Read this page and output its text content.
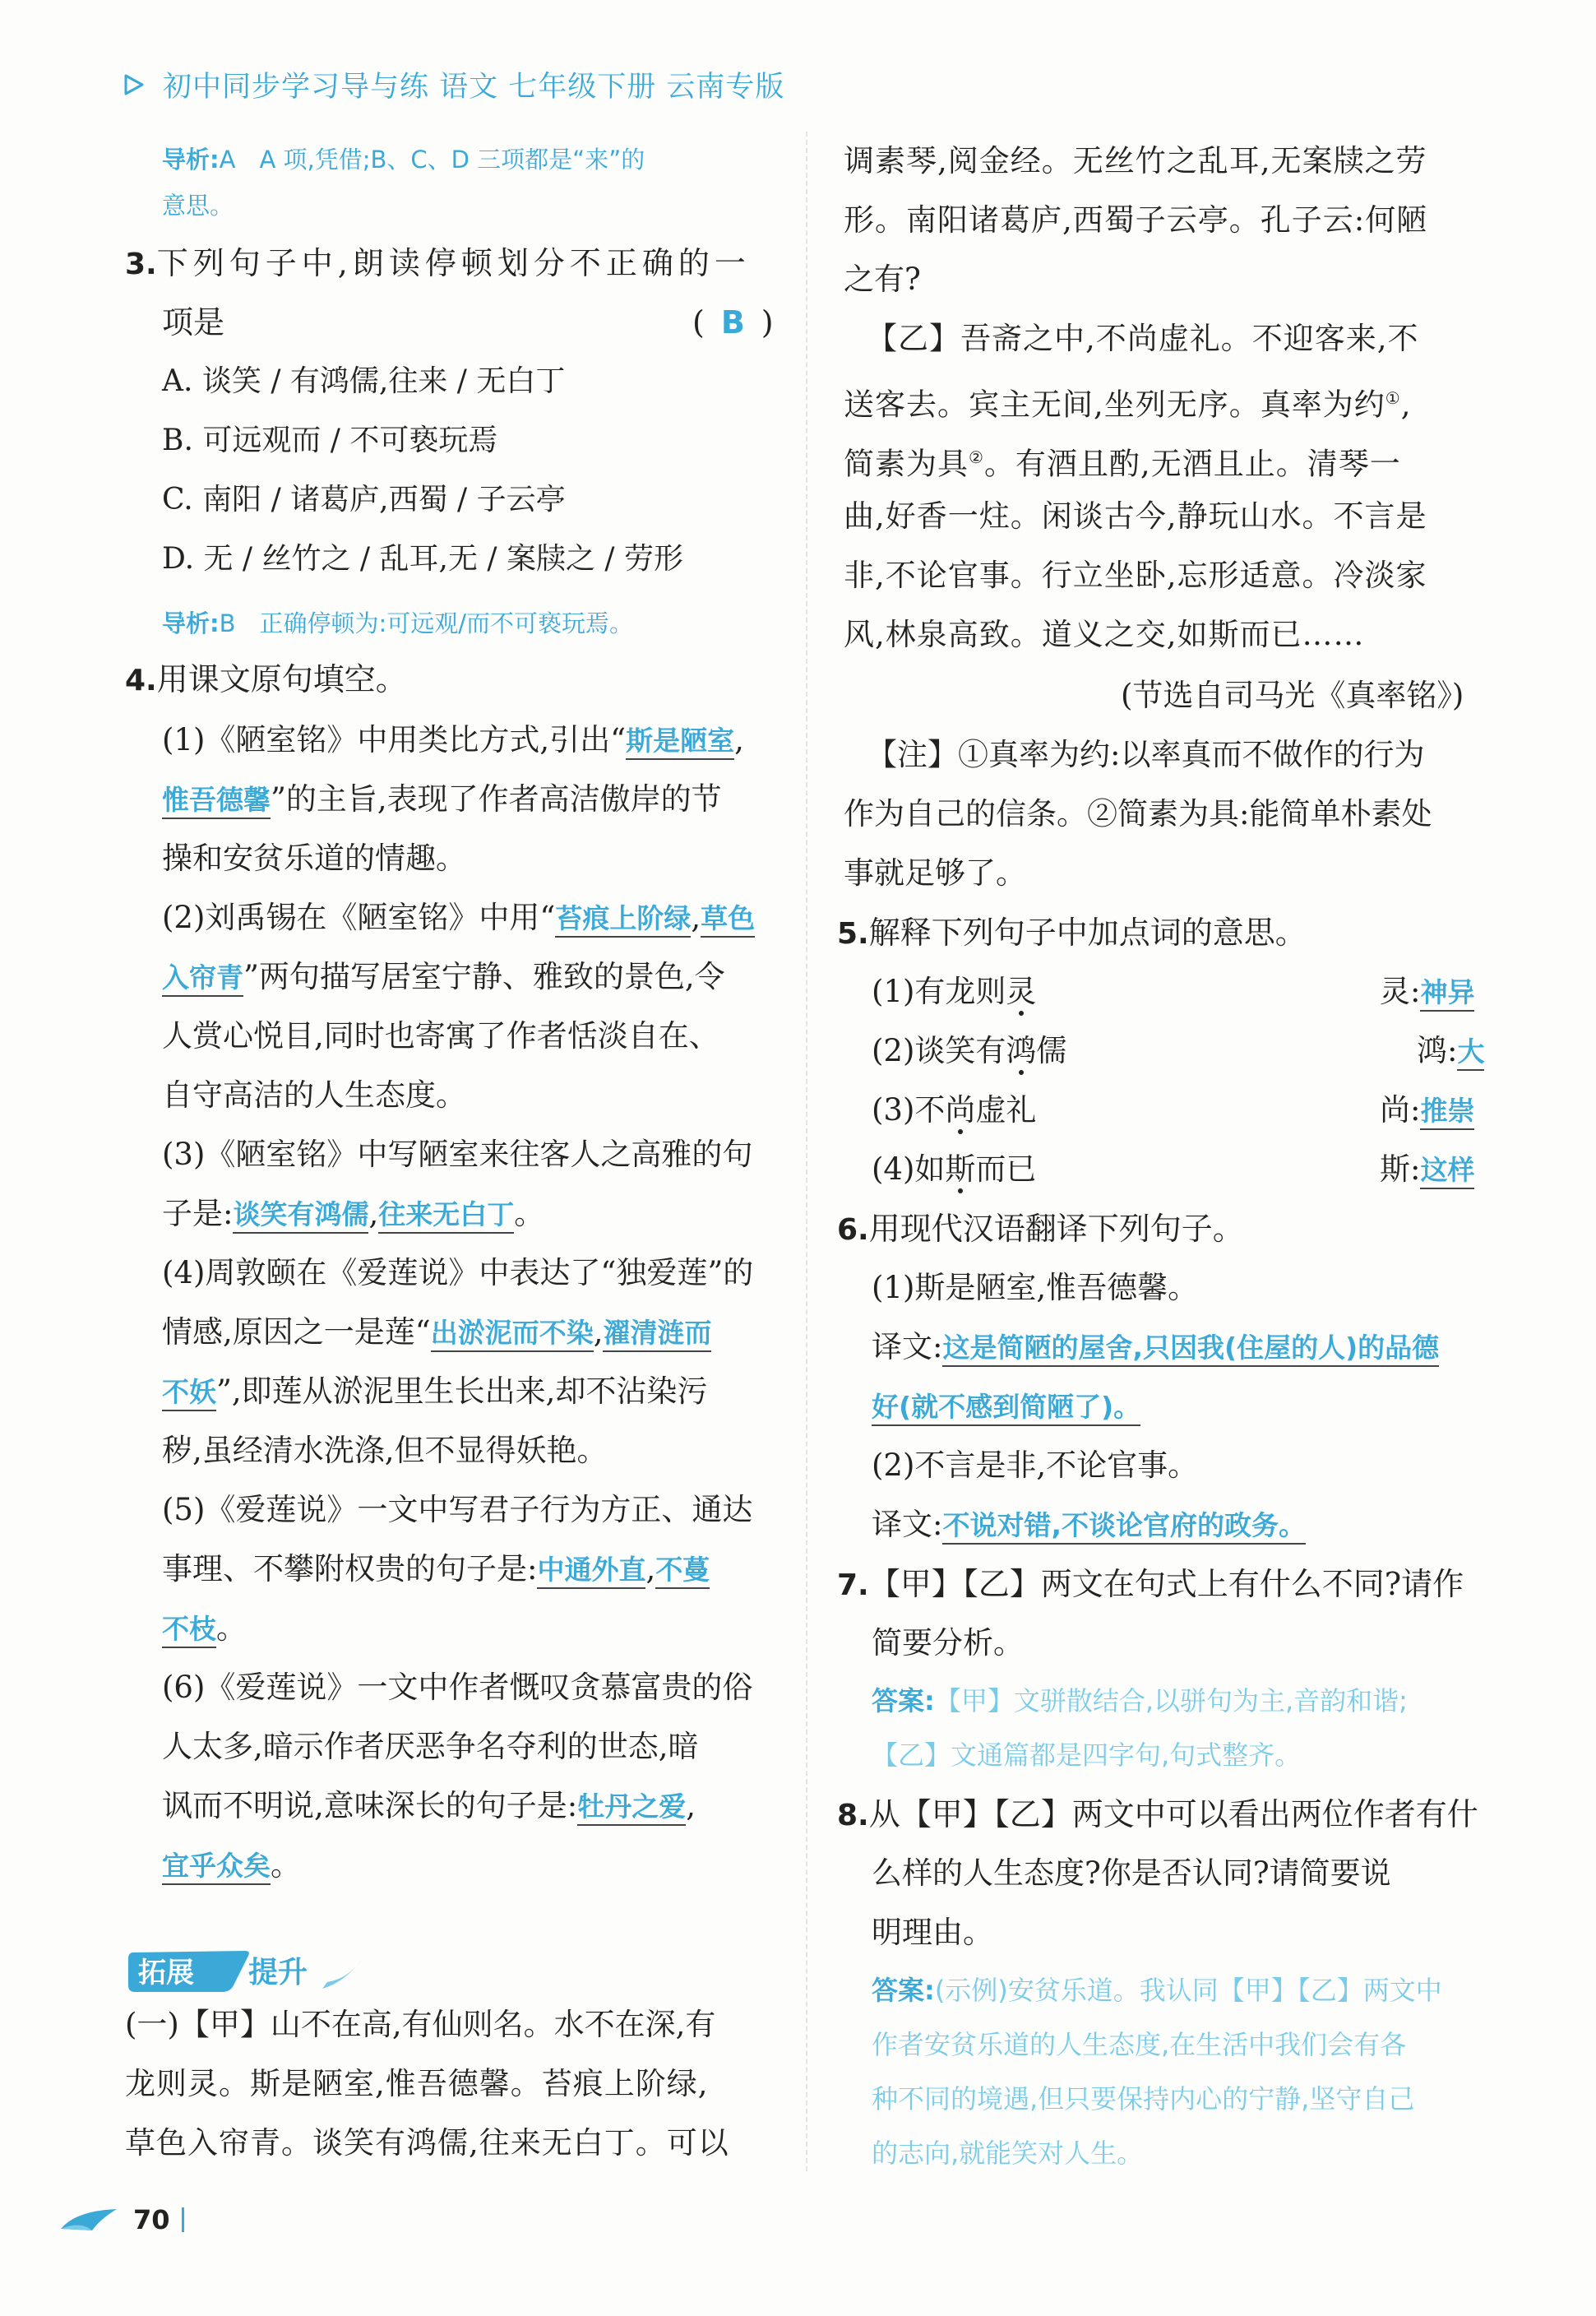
初中同步学习导与练 语文 七年级下册 云南专版
导析:A　A 项,凭借;B、C、D 三项都是“来”的
意思。
3.下列句子中,朗读停顿划分不正确的一
项是	( B )
A. 谈笑 / 有鸿儒,往来 / 无白丁
B. 可远观而 / 不可亵玩焉
C. 南阳 / 诸葛庐,西蜀 / 子云亭
D. 无 / 丝竹之 / 乱耳,无 / 案牍之 / 劳形
导析:B　正确停顿为:可远观/而不可亵玩焉。
4.用课文原句填空。
(1)《陋室铭》中用类比方式,引出“斯是陋室,
惟吾德馨”的主旨,表现了作者高洁傲岸的节
操和安贫乐道的情趣。
(2)刘禹锡在《陋室铭》中用“苔痕上阶绿,草色
入帘青”两句描写居室宁静、雅致的景色,令
人赏心悦目,同时也寄寓了作者恬淡自在、
自守高洁的人生态度。
(3)《陋室铭》中写陋室来往客人之高雅的句
子是:谈笑有鸿儒,往来无白丁。
(4)周敦颐在《爱莲说》中表达了“独爱莲”的
情感,原因之一是莲“出淤泥而不染,濯清涟而
不妖”,即莲从淤泥里生长出来,却不沾染污
秽,虽经清水洗涤,但不显得妖艳。
(5)《爱莲说》一文中写君子行为方正、通达
事理、不攀附权贵的句子是:中通外直,不蔓
不枝。
(6)《爱莲说》一文中作者慨叹贪慕富贵的俗
人太多,暗示作者厌恶争名夺利的世态,暗
讽而不明说,意味深长的句子是:牡丹之爱,
宜乎众矣。
(一)【甲】山不在高,有仙则名。水不在深,有
龙则灵。斯是陋室,惟吾德馨。苔痕上阶绿,
草色入帘青。谈笑有鸿儒,往来无白丁。可以
拓展 提升
调素琴,阅金经。无丝竹之乱耳,无案牍之劳
形。南阳诸葛庐,西蜀子云亭。孔子云:何陋
之有?
【乙】吾斋之中,不尚虚礼。不迎客来,不
送客去。宾主无间,坐列无序。真率为约①,
简素为具②。有酒且酌,无酒且止。清琴一
曲,好香一炷。闲谈古今,静玩山水。不言是
非,不论官事。行立坐卧,忘形适意。冷淡家
风,林泉高致。道义之交,如斯而已……
(节选自司马光《真率铭》)
【注】①真率为约:以率真而不做作的行为
作为自己的信条。②简素为具:能简单朴素处
事就足够了。
5.解释下列句子中加点词的意思。
(1)有龙则灵	灵:神异
(2)谈笑有鸿儒	鸿:大
(3)不尚虚礼	尚:推崇
(4)如斯而已	斯:这样
6.用现代汉语翻译下列句子。
(1)斯是陋室,惟吾德馨。
译文:这是简陋的屋舍,只因我(住屋的人)的品德
好(就不感到简陋了)。
(2)不言是非,不论官事。
译文:不说对错,不谈论官府的政务。
7.【甲】【乙】两文在句式上有什么不同?请作
简要分析。
答案:【甲】文骈散结合,以骈句为主,音韵和谐;
【乙】文通篇都是四字句,句式整齐。
8.从【甲】【乙】两文中可以看出两位作者有什
么样的人生态度?你是否认同?请简要说
明理由。
答案:(示例)安贫乐道。我认同【甲】【乙】两文中
作者安贫乐道的人生态度,在生活中我们会有各
种不同的境遇,但只要保持内心的宁静,坚守自己
的志向,就能笑对人生。
70
